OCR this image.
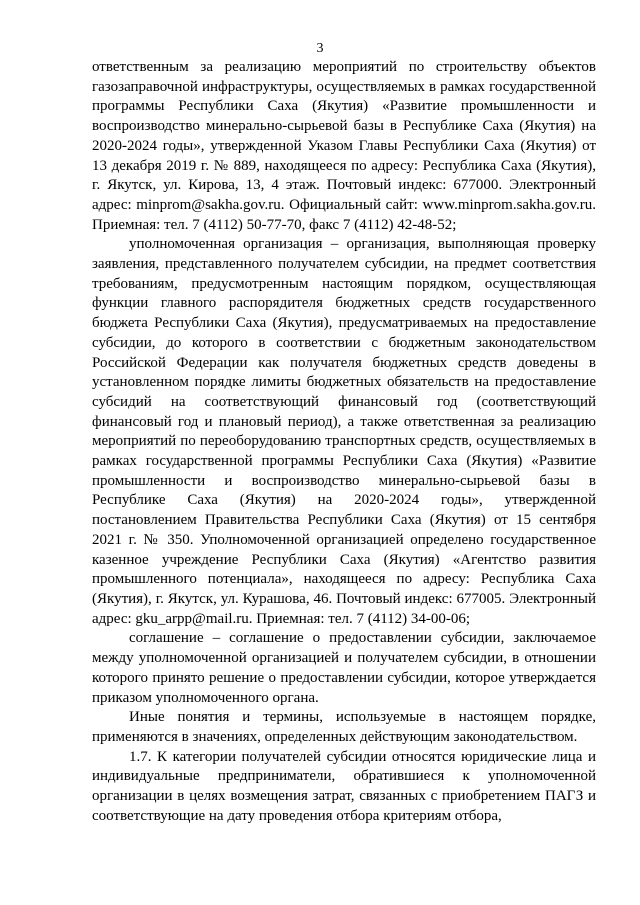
3

ответственным за реализацию мероприятий по строительству объектов газозаправочной инфраструктуры, осуществляемых в рамках государственной программы Республики Саха (Якутия) «Развитие промышленности и воспроизводство минерально-сырьевой базы в Республике Саха (Якутия) на 2020-2024 годы», утвержденной Указом Главы Республики Саха (Якутия) от 13 декабря 2019 г. № 889, находящееся по адресу: Республика Саха (Якутия), г. Якутск, ул. Кирова, 13, 4 этаж. Почтовый индекс: 677000. Электронный адрес: minprom@sakha.gov.ru. Официальный сайт: www.minprom.sakha.gov.ru. Приемная: тел. 7 (4112) 50-77-70, факс 7 (4112) 42-48-52;

уполномоченная организация – организация, выполняющая проверку заявления, представленного получателем субсидии, на предмет соответствия требованиям, предусмотренным настоящим порядком, осуществляющая функции главного распорядителя бюджетных средств государственного бюджета Республики Саха (Якутия), предусматриваемых на предоставление субсидии, до которого в соответствии с бюджетным законодательством Российской Федерации как получателя бюджетных средств доведены в установленном порядке лимиты бюджетных обязательств на предоставление субсидий на соответствующий финансовый год (соответствующий финансовый год и плановый период), а также ответственная за реализацию мероприятий по переоборудованию транспортных средств, осуществляемых в рамках государственной программы Республики Саха (Якутия) «Развитие промышленности и воспроизводство минерально-сырьевой базы в Республике Саха (Якутия) на 2020-2024 годы», утвержденной постановлением Правительства Республики Саха (Якутия) от 15 сентября 2021 г. № 350. Уполномоченной организацией определено государственное казенное учреждение Республики Саха (Якутия) «Агентство развития промышленного потенциала», находящееся по адресу: Республика Саха (Якутия), г. Якутск, ул. Курашова, 46. Почтовый индекс: 677005. Электронный адрес: gku_arpp@mail.ru. Приемная: тел. 7 (4112) 34-00-06;

соглашение – соглашение о предоставлении субсидии, заключаемое между уполномоченной организацией и получателем субсидии, в отношении которого принято решение о предоставлении субсидии, которое утверждается приказом уполномоченного органа.

Иные понятия и термины, используемые в настоящем порядке, применяются в значениях, определенных действующим законодательством.

1.7. К категории получателей субсидии относятся юридические лица и индивидуальные предприниматели, обратившиеся к уполномоченной организации в целях возмещения затрат, связанных с приобретением ПАГЗ и соответствующие на дату проведения отбора критериям отбора,
